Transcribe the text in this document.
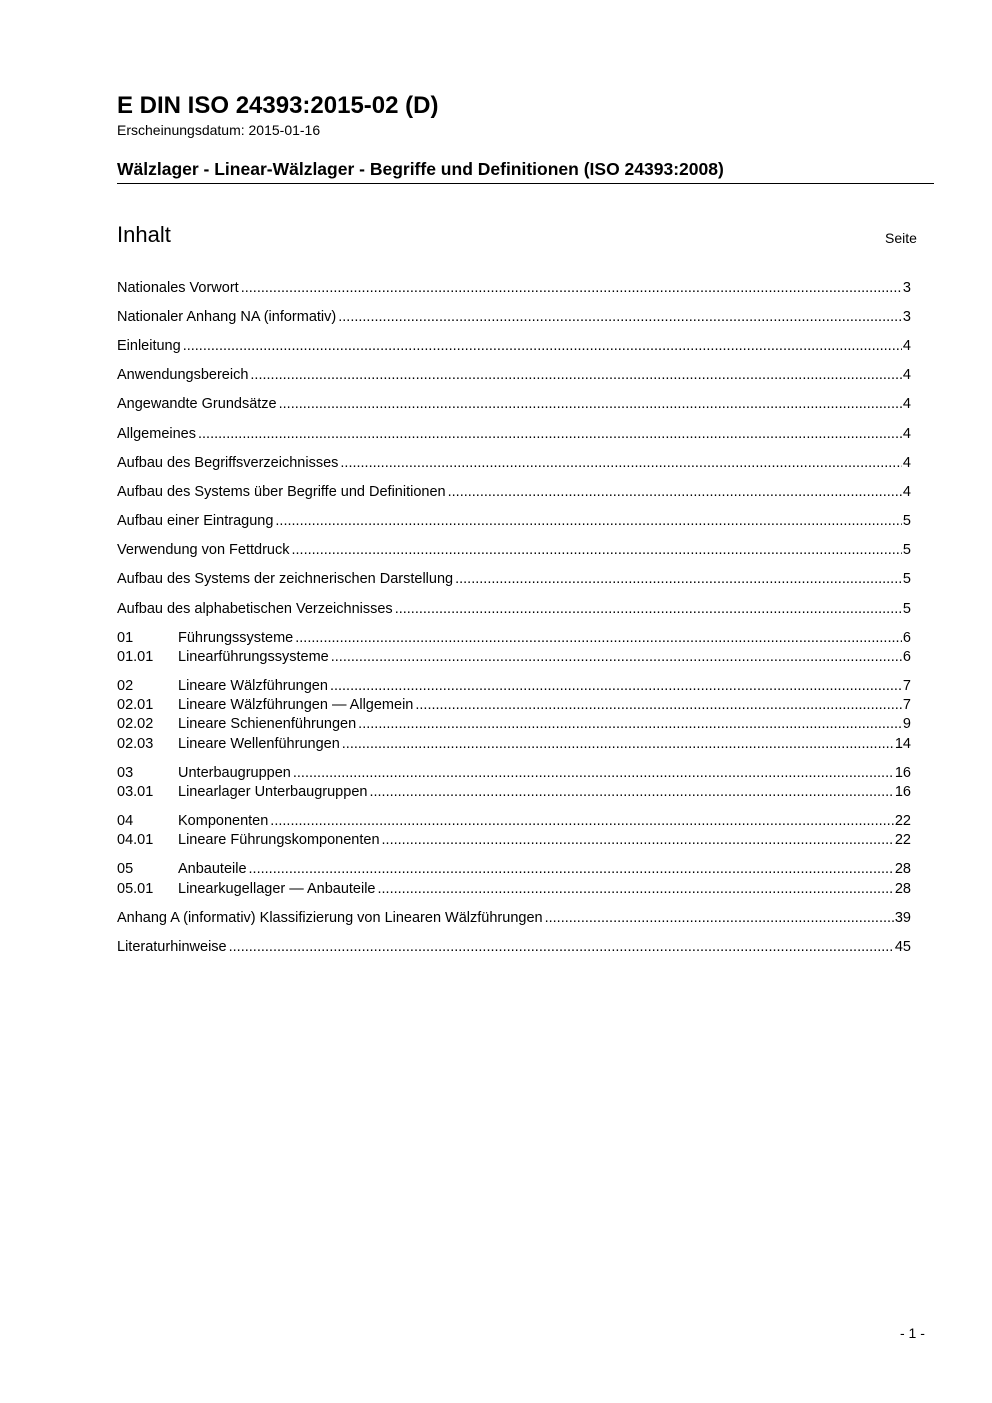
E DIN ISO 24393:2015-02 (D)
Erscheinungsdatum: 2015-01-16
Wälzlager - Linear-Wälzlager - Begriffe und Definitionen (ISO 24393:2008)
Inhalt	Seite
Nationales Vorwort .....	3
Nationaler Anhang NA (informativ) .....	3
Einleitung .....	4
Anwendungsbereich .....	4
Angewandte Grundsätze .....	4
Allgemeines .....	4
Aufbau des Begriffsverzeichnisses .....	4
Aufbau des Systems über Begriffe und Definitionen .....	4
Aufbau einer Eintragung .....	5
Verwendung von Fettdruck .....	5
Aufbau des Systems der zeichnerischen Darstellung .....	5
Aufbau des alphabetischen Verzeichnisses .....	5
01	Führungssysteme .....	6
01.01	Linearführungssysteme .....	6
02	Lineare Wälzführungen .....	7
02.01	Lineare Wälzführungen — Allgemein .....	7
02.02	Lineare Schienenführungen .....	9
02.03	Lineare Wellenführungen .....	14
03	Unterbaugruppen .....	16
03.01	Linearlager Unterbaugruppen .....	16
04	Komponenten .....	22
04.01	Lineare Führungskomponenten .....	22
05	Anbauteile .....	28
05.01	Linearkugellager — Anbauteile .....	28
Anhang A (informativ) Klassifizierung von Linearen Wälzführungen .....	39
Literaturhinweise .....	45
- 1 -
